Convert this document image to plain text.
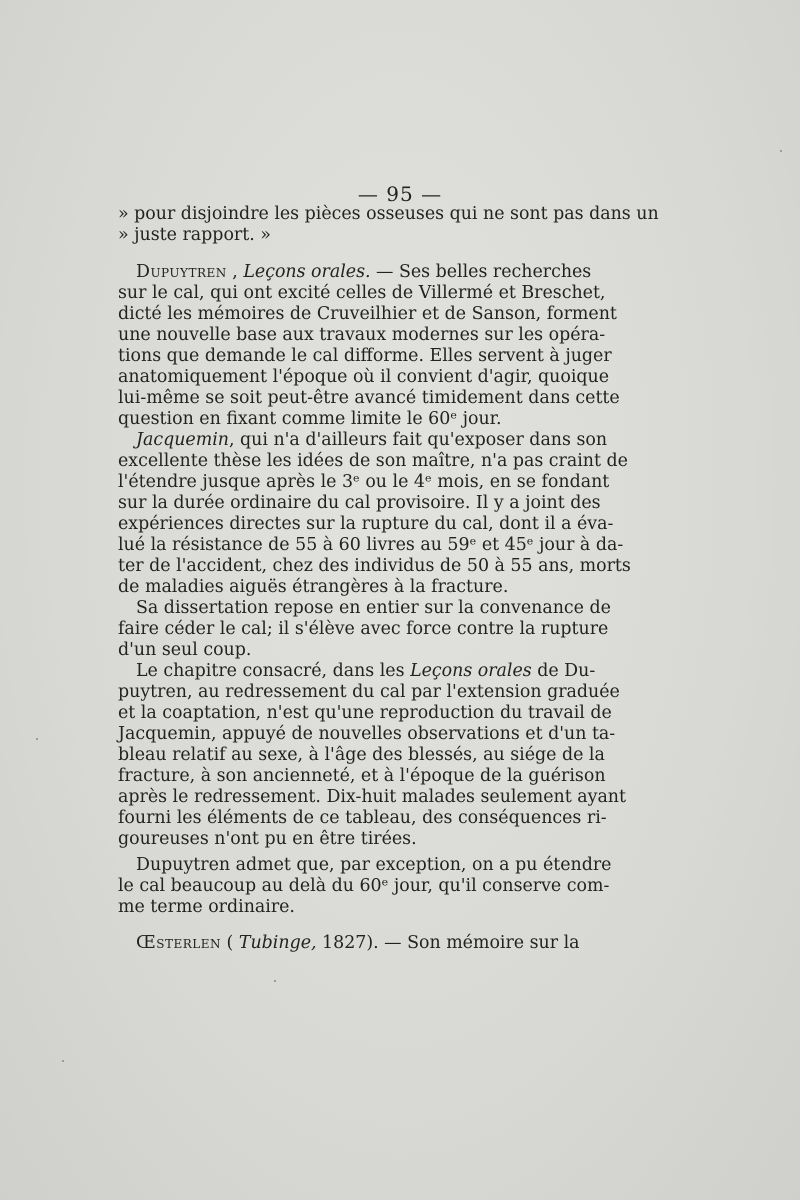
— 95 —
» pour disjoindre les pièces osseuses qui ne sont pas dans un
» juste rapport. »
Dupuytren , Leçons orales. — Ses belles recherches
sur le cal, qui ont excité celles de Villermé et Breschet,
dicté les mémoires de Cruveilhier et de Sanson, forment
une nouvelle base aux travaux modernes sur les opéra-
tions que demande le cal difforme. Elles servent à juger
anatomiquement l'époque où il convient d'agir, quoique
lui-même se soit peut-être avancé timidement dans cette
question en fixant comme limite le 60ᵉ jour.
Jacquemin, qui n'a d'ailleurs fait qu'exposer dans son
excellente thèse les idées de son maître, n'a pas craint de
l'étendre jusque après le 3ᵉ ou le 4ᵉ mois, en se fondant
sur la durée ordinaire du cal provisoire. Il y a joint des
expériences directes sur la rupture du cal, dont il a éva-
lué la résistance de 55 à 60 livres au 59ᵉ et 45ᵉ jour à da-
ter de l'accident, chez des individus de 50 à 55 ans, morts
de maladies aiguës étrangères à la fracture.
Sa dissertation repose en entier sur la convenance de
faire céder le cal; il s'élève avec force contre la rupture
d'un seul coup.
Le chapitre consacré, dans les Leçons orales de Du-
puytren, au redressement du cal par l'extension graduée
et la coaptation, n'est qu'une reproduction du travail de
Jacquemin, appuyé de nouvelles observations et d'un ta-
bleau relatif au sexe, à l'âge des blessés, au siége de la
fracture, à son ancienneté, et à l'époque de la guérison
après le redressement. Dix-huit malades seulement ayant
fourni les éléments de ce tableau, des conséquences ri-
goureuses n'ont pu en être tirées.
Dupuytren admet que, par exception, on a pu étendre
le cal beaucoup au delà du 60ᵉ jour, qu'il conserve com-
me terme ordinaire.
Œsterlen ( Tubinge, 1827). — Son mémoire sur la
